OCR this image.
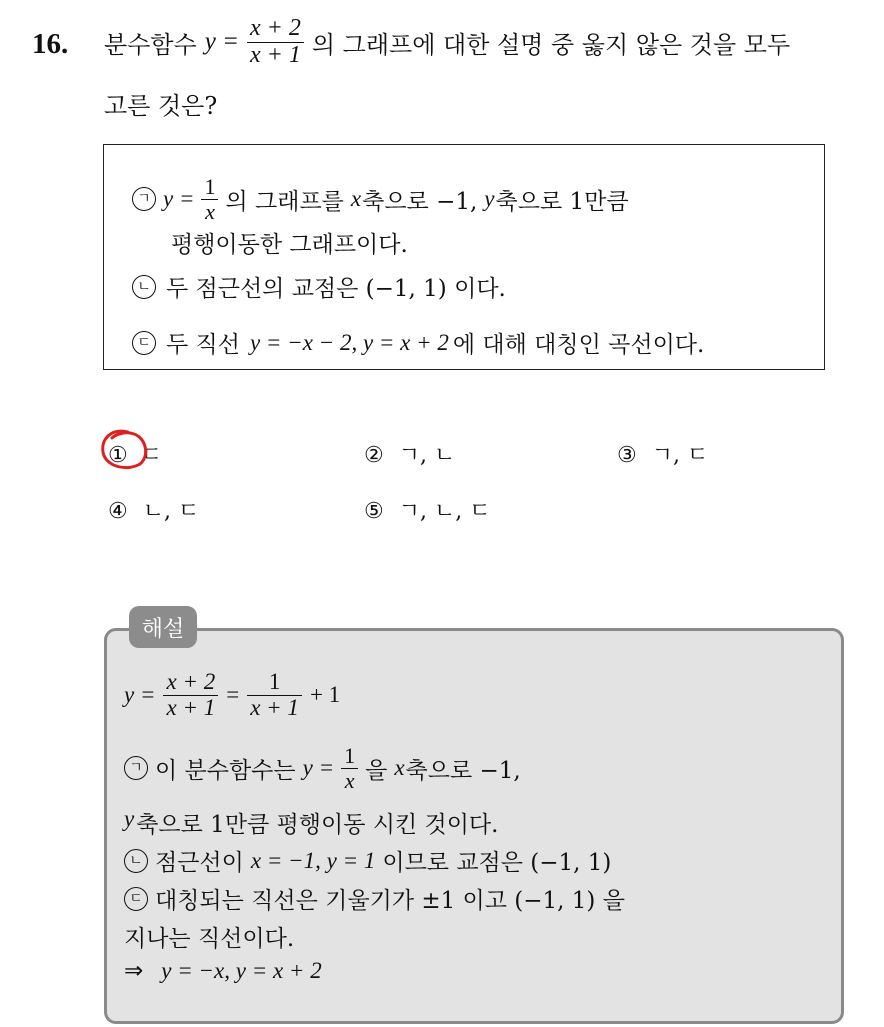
16. 분수함수 $y = \frac{x + 2}{x + 1}$ 의 그래프에 대한 설명 중 옳지 않은 것을 모두
고른 것은?
ㄱ $y = \frac{1}{x}$ 의 그래프를 x 축으로 −1, y 축으로 1만큼
평행이동한 그래프이다.
ㄴ 두 점근선의 교점은 (−1, 1) 이다.
ㄷ 두 직선 y = −x − 2, y = x + 2 에 대해 대칭인 곡선이다.
① ㄷ	② ㄱ, ㄴ	③ ㄱ, ㄷ
④ ㄴ, ㄷ	⑤ ㄱ, ㄴ, ㄷ
해설
$y = \frac{x + 2}{x + 1} = \frac{1}{x + 1} + 1$
ㄱ 이 분수함수는 $y = \frac{1}{x}$ 을 x 축으로 −1,
y 축으로 1만큼 평행이동 시킨 것이다.
ㄴ 점근선이 x = −1, y = 1 이므로 교점은 (−1, 1)
ㄷ 대칭되는 직선은 기울기가 ±1 이고 (−1, 1) 을
지나는 직선이다.
⇒ y = −x, y = x + 2
